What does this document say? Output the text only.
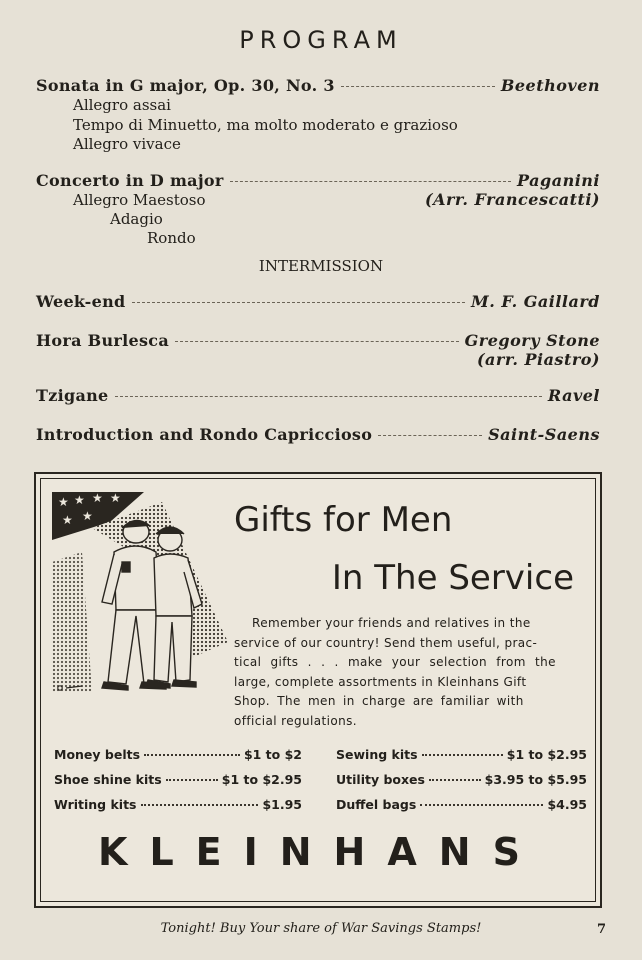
PROGRAM
Sonata in G major, Op. 30, No. 3	Beethoven
Allegro assai
Tempo di Minuetto, ma molto moderato e grazioso
Allegro vivace
Concerto in D major	Paganini
(Arr. Francescatti)
Allegro Maestoso
Adagio
Rondo
INTERMISSION
Week-end	M. F. Gaillard
Hora Burlesca	Gregory Stone
(arr. Piastro)
Tzigane	Ravel
Introduction and Rondo Capriccioso	Saint-Saens
★ ★ ★ ★
★ ★	Gifts for Men
In The Service
Remember your friends and relatives in the
service of our country! Send them useful, prac-
tical gifts . . . make your selection from the
large, complete assortments in Kleinhans Gift
Shop. The men in charge are familiar with
official regulations.
Money belts	$1 to $2
Shoe shine kits	$1 to $2.95
Writing kits	$1.95
Sewing kits	$1 to $2.95
Utility boxes	$3.95 to $5.95
Duffel bags	$4.95
KLEINHANS
Tonight! Buy Your share of War Savings Stamps!	7
